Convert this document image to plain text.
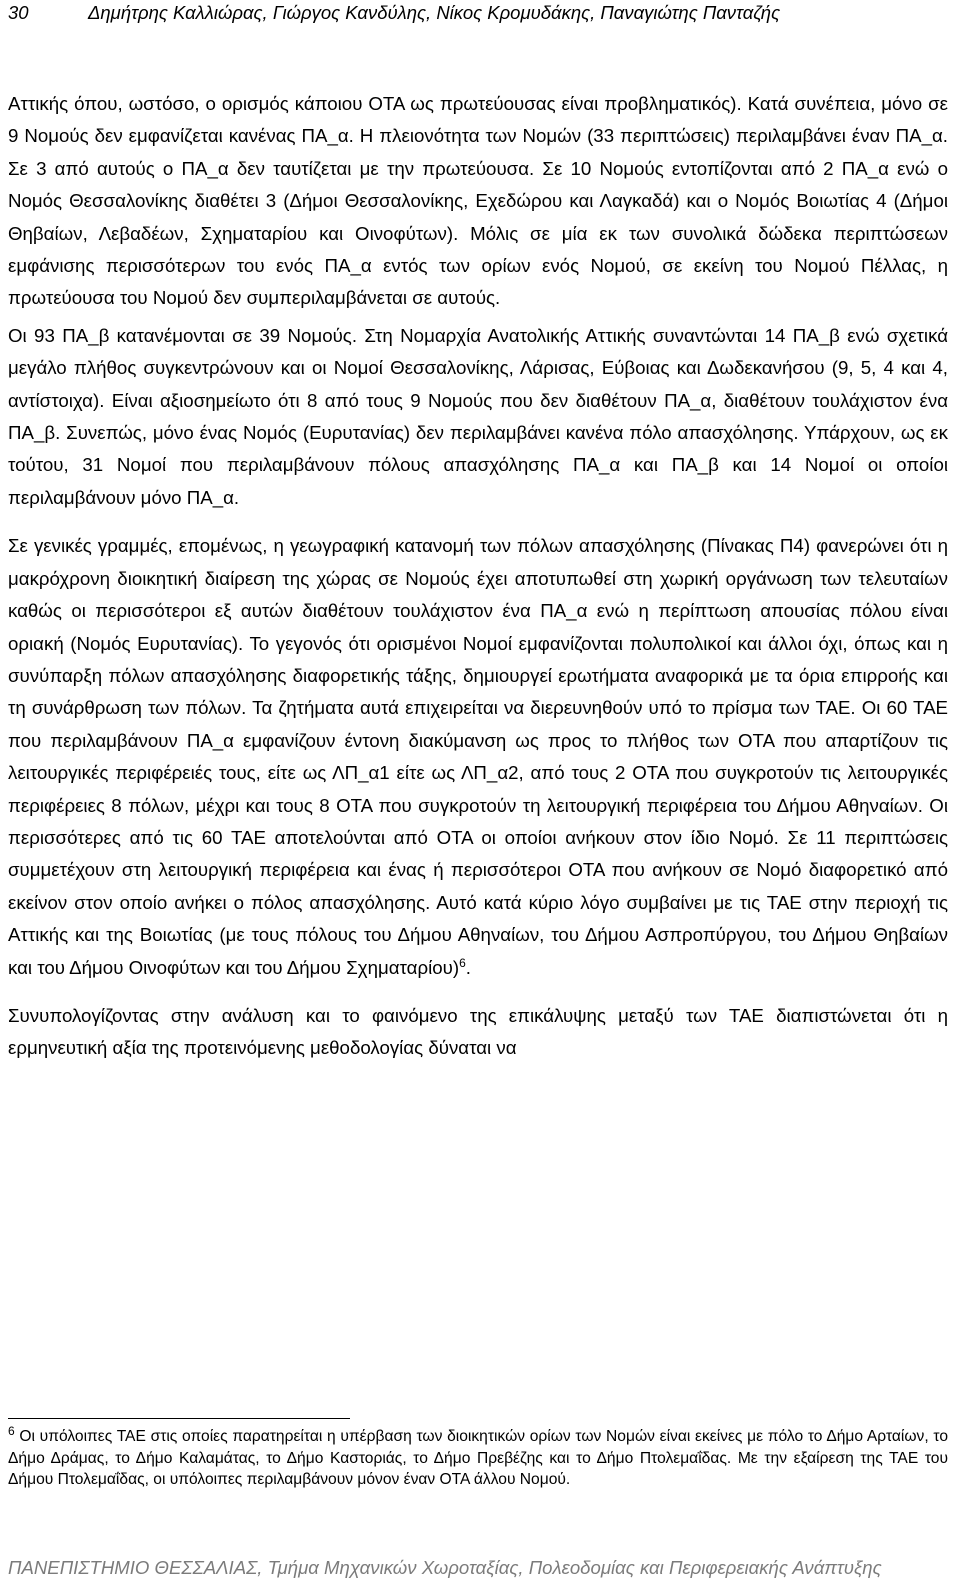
30	Δημήτρης Καλλιώρας, Γιώργος Κανδύλης, Νίκος Κρομυδάκης, Παναγιώτης Πανταζής

Αττικής όπου, ωστόσο, ο ορισμός κάποιου ΟΤΑ ως πρωτεύουσας είναι προβληματικός). Κατά συνέπεια, μόνο σε 9 Νομούς δεν εμφανίζεται κανένας ΠΑ_α. Η πλειονότητα των Νομών (33 περιπτώσεις) περιλαμβάνει έναν ΠΑ_α. Σε 3 από αυτούς ο ΠΑ_α δεν ταυτίζεται με την πρωτεύουσα. Σε 10 Νομούς εντοπίζονται από 2 ΠΑ_α ενώ ο Νομός Θεσσαλονίκης διαθέτει 3 (Δήμοι Θεσσαλονίκης, Εχεδώρου και Λαγκαδά) και ο Νομός Βοιωτίας 4 (Δήμοι Θηβαίων, Λεβαδέων, Σχηματαρίου και Οινοφύτων). Μόλις σε μία εκ των συνολικά δώδεκα περιπτώσεων εμφάνισης περισσότερων του ενός ΠΑ_α εντός των ορίων ενός Νομού, σε εκείνη του Νομού Πέλλας, η πρωτεύουσα του Νομού δεν συμπεριλαμβάνεται σε αυτούς.

Οι 93 ΠΑ_β κατανέμονται σε 39 Νομούς. Στη Νομαρχία Ανατολικής Αττικής συναντώνται 14 ΠΑ_β ενώ σχετικά μεγάλο πλήθος συγκεντρώνουν και οι Νομοί Θεσσαλονίκης, Λάρισας, Εύβοιας και Δωδεκανήσου (9, 5, 4 και 4, αντίστοιχα). Είναι αξιοσημείωτο ότι 8 από τους 9 Νομούς που δεν διαθέτουν ΠΑ_α, διαθέτουν τουλάχιστον ένα ΠΑ_β. Συνεπώς, μόνο ένας Νομός (Ευρυτανίας) δεν περιλαμβάνει κανένα πόλο απασχόλησης. Υπάρχουν, ως εκ τούτου, 31 Νομοί που περιλαμβάνουν πόλους απασχόλησης ΠΑ_α και ΠΑ_β και 14 Νομοί οι οποίοι περιλαμβάνουν μόνο ΠΑ_α.

Σε γενικές γραμμές, επομένως, η γεωγραφική κατανομή των πόλων απασχόλησης (Πίνακας Π4) φανερώνει ότι η μακρόχρονη διοικητική διαίρεση της χώρας σε Νομούς έχει αποτυπωθεί στη χωρική οργάνωση των τελευταίων καθώς οι περισσότεροι εξ αυτών διαθέτουν τουλάχιστον ένα ΠΑ_α ενώ η περίπτωση απουσίας πόλου είναι οριακή (Νομός Ευρυτανίας). Το γεγονός ότι ορισμένοι Νομοί εμφανίζονται πολυπολικοί και άλλοι όχι, όπως και η συνύπαρξη πόλων απασχόλησης διαφορετικής τάξης, δημιουργεί ερωτήματα αναφορικά με τα όρια επιρροής και τη συνάρθρωση των πόλων. Τα ζητήματα αυτά επιχειρείται να διερευνηθούν υπό το πρίσμα των ΤΑΕ. Οι 60 ΤΑΕ που περιλαμβάνουν ΠΑ_α εμφανίζουν έντονη διακύμανση ως προς το πλήθος των ΟΤΑ που απαρτίζουν τις λειτουργικές περιφέρειές τους, είτε ως ΛΠ_α1 είτε ως ΛΠ_α2, από τους 2 ΟΤΑ που συγκροτούν τις λειτουργικές περιφέρειες 8 πόλων, μέχρι και τους 8 ΟΤΑ που συγκροτούν τη λειτουργική περιφέρεια του Δήμου Αθηναίων. Οι περισσότερες από τις 60 ΤΑΕ αποτελούνται από ΟΤΑ οι οποίοι ανήκουν στον ίδιο Νομό. Σε 11 περιπτώσεις συμμετέχουν στη λειτουργική περιφέρεια και ένας ή περισσότεροι ΟΤΑ που ανήκουν σε Νομό διαφορετικό από εκείνον στον οποίο ανήκει ο πόλος απασχόλησης. Αυτό κατά κύριο λόγο συμβαίνει με τις ΤΑΕ στην περιοχή τις Αττικής και της Βοιωτίας (με τους πόλους του Δήμου Αθηναίων, του Δήμου Ασπροπύργου, του Δήμου Θηβαίων και του Δήμου Οινοφύτων και του Δήμου Σχηματαρίου)$^6$.

Συνυπολογίζοντας στην ανάλυση και το φαινόμενο της επικάλυψης μεταξύ των ΤΑΕ διαπιστώνεται ότι η ερμηνευτική αξία της προτεινόμενης μεθοδολογίας δύναται να

$^6$ Οι υπόλοιπες ΤΑΕ στις οποίες παρατηρείται η υπέρβαση των διοικητικών ορίων των Νομών είναι εκείνες με πόλο το Δήμο Αρταίων, το Δήμο Δράμας, το Δήμο Καλαμάτας, το Δήμο Καστοριάς, το Δήμο Πρεβέζης και το Δήμο Πτολεμαΐδας. Με την εξαίρεση της ΤΑΕ του Δήμου Πτολεμαΐδας, οι υπόλοιπες περιλαμβάνουν μόνον έναν ΟΤΑ άλλου Νομού.
ΠΑΝΕΠΙΣΤΗΜΙΟ ΘΕΣΣΑΛΙΑΣ, Τμήμα Μηχανικών Χωροταξίας, Πολεοδομίας και Περιφερειακής Ανάπτυξης
